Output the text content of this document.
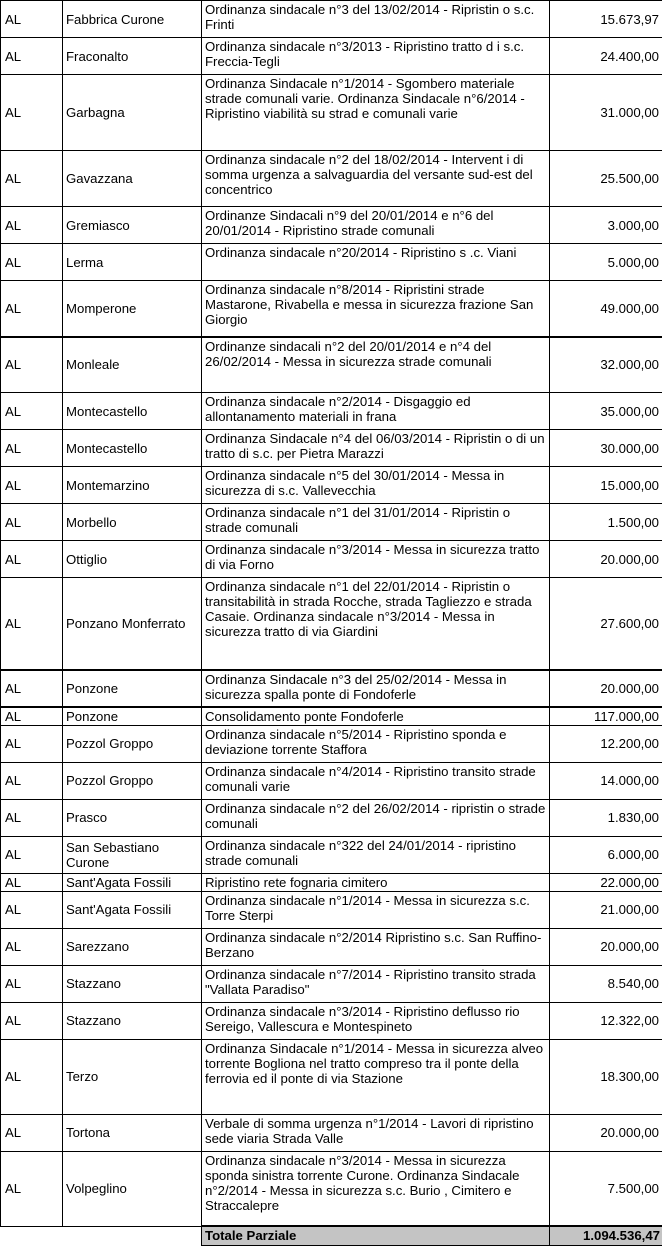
AL	Fabbrica Curone	Ordinanza sindacale n°3 del 13/02/2014 - Ripristin o s.c. Frinti	15.673,97
AL	Fraconalto	Ordinanza sindacale n°3/2013 - Ripristino tratto d i s.c. Freccia-Tegli	24.400,00
AL	Garbagna	Ordinanza Sindacale n°1/2014 - Sgombero materiale strade comunali varie. Ordinanza Sindacale n°6/2014 - Ripristino viabilità su strad e comunali varie	31.000,00
AL	Gavazzana	Ordinanza sindacale n°2 del 18/02/2014 - Intervent i di somma urgenza a salvaguardia del versante sud-est del concentrico	25.500,00
AL	Gremiasco	Ordinanze Sindacali n°9 del 20/01/2014 e n°6 del 20/01/2014 - Ripristino strade comunali	3.000,00
AL	Lerma	Ordinanza sindacale n°20/2014 - Ripristino s .c. Viani	5.000,00
AL	Momperone	Ordinanza sindacale n°8/2014 - Ripristini strade Mastarone, Rivabella e messa in sicurezza frazione San Giorgio	49.000,00
AL	Monleale	Ordinanze sindacali n°2 del 20/01/2014 e n°4 del 26/02/2014 - Messa in sicurezza strade comunali	32.000,00
AL	Montecastello	Ordinanza sindacale n°2/2014 - Disgaggio ed allontanamento materiali in frana	35.000,00
AL	Montecastello	Ordinanza Sindacale n°4 del 06/03/2014 - Ripristin o di un tratto di s.c. per Pietra Marazzi	30.000,00
AL	Montemarzino	Ordinanza sindacale n°5 del 30/01/2014 - Messa in sicurezza di s.c. Vallevecchia	15.000,00
AL	Morbello	Ordinanza sindacale n°1 del 31/01/2014 - Ripristin o strade comunali	1.500,00
AL	Ottiglio	Ordinanza sindacale n°3/2014 - Messa in sicurezza tratto di via Forno	20.000,00
AL	Ponzano Monferrato	Ordinanza sindacale n°1 del 22/01/2014 - Ripristin o transitabilità in strada Rocche, strada Tagliezzo e strada Casaie. Ordinanza sindacale n°3/2014 - Messa in sicurezza tratto di via Giardini	27.600,00
AL	Ponzone	Ordinanza Sindacale n°3 del 25/02/2014 - Messa in sicurezza spalla ponte di Fondoferle	20.000,00
AL	Ponzone	Consolidamento ponte Fondoferle	117.000,00
AL	Pozzol Groppo	Ordinanza sindacale n°5/2014 - Ripristino sponda e deviazione torrente Staffora	12.200,00
AL	Pozzol Groppo	Ordinanza sindacale n°4/2014 - Ripristino transito strade comunali varie	14.000,00
AL	Prasco	Ordinanza sindacale n°2 del 26/02/2014 - ripristin o strade comunali	1.830,00
AL	San Sebastiano Curone	Ordinanza sindacale n°322 del 24/01/2014 - ripristino strade comunali	6.000,00
AL	Sant'Agata Fossili	Ripristino rete fognaria cimitero	22.000,00
AL	Sant'Agata Fossili	Ordinanza sindacale n°1/2014 - Messa in sicurezza s.c. Torre Sterpi	21.000,00
AL	Sarezzano	Ordinanza sindacale n°2/2014 Ripristino s.c. San Ruffino-Berzano	20.000,00
AL	Stazzano	Ordinanza sindacale n°7/2014 - Ripristino transito strada "Vallata Paradiso"	8.540,00
AL	Stazzano	Ordinanza sindacale n°3/2014 - Ripristino deflusso rio Sereigo, Vallescura e Montespineto	12.322,00
AL	Terzo	Ordinanza Sindacale n°1/2014 - Messa in sicurezza alveo torrente Bogliona nel tratto compreso tra il ponte della ferrovia ed il ponte di via Stazione	18.300,00
AL	Tortona	Verbale di somma urgenza n°1/2014 - Lavori di ripristino sede viaria Strada Valle	20.000,00
AL	Volpeglino	Ordinanza sindacale n°3/2014 - Messa in sicurezza sponda sinistra torrente Curone. Ordinanza Sindacale n°2/2014 - Messa in sicurezza s.c. Burio , Cimitero e Straccalepre	7.500,00
		Totale Parziale	1.094.536,47
